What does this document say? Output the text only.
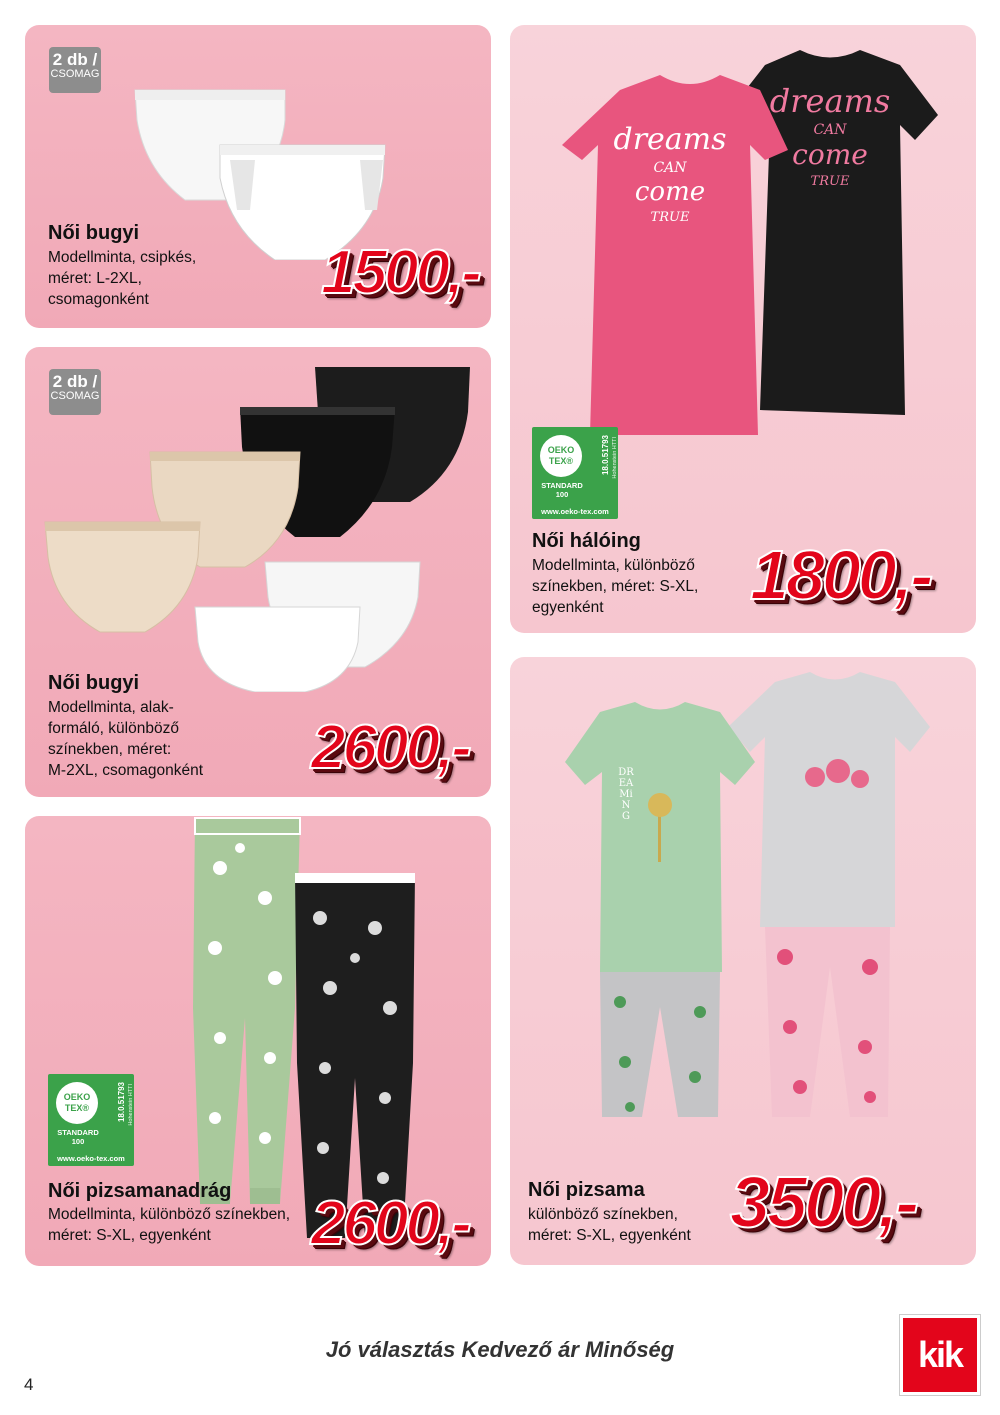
2 db /
CSOMAG
Női bugyi
Modellminta, csipkés,
méret: L-2XL,
csomagonként	1500,-
2 db /
CSOMAG
Női bugyi
Modellminta, alak-
formáló, különböző
színekben, méret:
M-2XL, csomagonként 2600,-
OEKO
TEX®
STANDARD
100
18.0.51793 Hohenstein HTTI
www.oeko-tex.com
Női pizsamanadrág
Modellminta, különböző színekben,
méret: S-XL, egyenként	2600,-
dreams
CAN
come
TRUE
dreams
CAN
come
TRUE
OEKO
TEX®
STANDARD
100
18.0.51793 Hohenstein HTTI
www.oeko-tex.com
Női hálóing
Modellminta, különböző
színekben, méret: S-XL,
egyenként	1800,-
DREAMiNG
Női pizsama
különböző színekben,
méret: S-XL, egyenként 3500,-
Jó választás Kedvező ár Minőség
4
kik
